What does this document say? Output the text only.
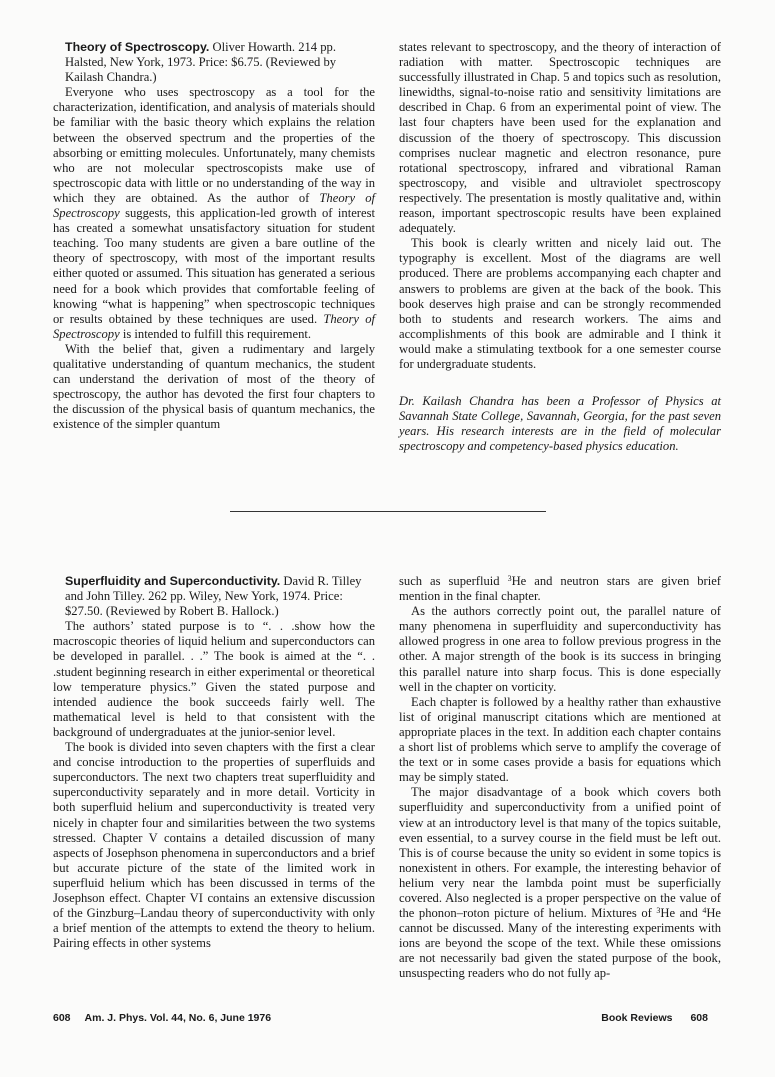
Theory of Spectroscopy. Oliver Howarth. 214 pp. Halsted, New York, 1973. Price: $6.75. (Reviewed by Kailash Chandra.)

Everyone who uses spectroscopy as a tool for the characterization, identification, and analysis of materials should be familiar with the basic theory which explains the relation between the observed spectrum and the properties of the absorbing or emitting molecules. Unfortunately, many chemists who are not molecular spectroscopists make use of spectroscopic data with little or no understanding of the way in which they are obtained. As the author of Theory of Spectroscopy suggests, this application-led growth of interest has created a somewhat unsatisfactory situation for student teaching. Too many students are given a bare outline of the theory of spectroscopy, with most of the important results either quoted or assumed. This situation has generated a serious need for a book which provides that comfortable feeling of knowing “what is happening” when spectroscopic techniques or results obtained by these techniques are used. Theory of Spectroscopy is intended to fulfill this requirement.

With the belief that, given a rudimentary and largely qualitative understanding of quantum mechanics, the student can understand the derivation of most of the theory of spectroscopy, the author has devoted the first four chapters to the discussion of the physical basis of quantum mechanics, the existence of the simpler quantum

states relevant to spectroscopy, and the theory of interaction of radiation with matter. Spectroscopic techniques are successfully illustrated in Chap. 5 and topics such as resolution, linewidths, signal-to-noise ratio and sensitivity limitations are described in Chap. 6 from an experimental point of view. The last four chapters have been used for the explanation and discussion of the thoery of spectroscopy. This discussion comprises nuclear magnetic and electron resonance, pure rotational spectroscopy, infrared and vibrational Raman spectroscopy, and visible and ultraviolet spectroscopy respectively. The presentation is mostly qualitative and, within reason, important spectroscopic results have been explained adequately.

This book is clearly written and nicely laid out. The typography is excellent. Most of the diagrams are well produced. There are problems accompanying each chapter and answers to problems are given at the back of the book. This book deserves high praise and can be strongly recommended both to students and research workers. The aims and accomplishments of this book are admirable and I think it would make a stimulating textbook for a one semester course for undergraduate students.

Dr. Kailash Chandra has been a Professor of Physics at Savannah State College, Savannah, Georgia, for the past seven years. His research interests are in the field of molecular spectroscopy and competency-based physics education.

Superfluidity and Superconductivity. David R. Tilley and John Tilley. 262 pp. Wiley, New York, 1974. Price: $27.50. (Reviewed by Robert B. Hallock.)

The authors’ stated purpose is to “. . .show how the macroscopic theories of liquid helium and superconductors can be developed in parallel. . .” The book is aimed at the “. . .student beginning research in either experimental or theoretical low temperature physics.” Given the stated purpose and intended audience the book succeeds fairly well. The mathematical level is held to that consistent with the background of undergraduates at the junior-senior level.

The book is divided into seven chapters with the first a clear and concise introduction to the properties of superfluids and superconductors. The next two chapters treat superfluidity and superconductivity separately and in more detail. Vorticity in both superfluid helium and superconductivity is treated very nicely in chapter four and similarities between the two systems stressed. Chapter V contains a detailed discussion of many aspects of Josephson phenomena in superconductors and a brief but accurate picture of the state of the limited work in superfluid helium which has been discussed in terms of the Josephson effect. Chapter VI contains an extensive discussion of the Ginzburg–Landau theory of superconductivity with only a brief mention of the attempts to extend the theory to helium. Pairing effects in other systems

such as superfluid $^3$He and neutron stars are given brief mention in the final chapter.

As the authors correctly point out, the parallel nature of many phenomena in superfluidity and superconductivity has allowed progress in one area to follow previous progress in the other. A major strength of the book is its success in bringing this parallel nature into sharp focus. This is done especially well in the chapter on vorticity.

Each chapter is followed by a healthy rather than exhaustive list of original manuscript citations which are mentioned at appropriate places in the text. In addition each chapter contains a short list of problems which serve to amplify the coverage of the text or in some cases provide a basis for equations which may be simply stated.

The major disadvantage of a book which covers both superfluidity and superconductivity from a unified point of view at an introductory level is that many of the topics suitable, even essential, to a survey course in the field must be left out. This is of course because the unity so evident in some topics is nonexistent in others. For example, the interesting behavior of helium very near the lambda point must be superficially covered. Also neglected is a proper perspective on the value of the phonon–roton picture of helium. Mixtures of $^3$He and $^4$He cannot be discussed. Many of the interesting experiments with ions are beyond the scope of the text. While these omissions are not necessarily bad given the stated purpose of the book, unsuspecting readers who do not fully ap-

608 Am. J. Phys. Vol. 44, No. 6, June 1976	Book Reviews 608
